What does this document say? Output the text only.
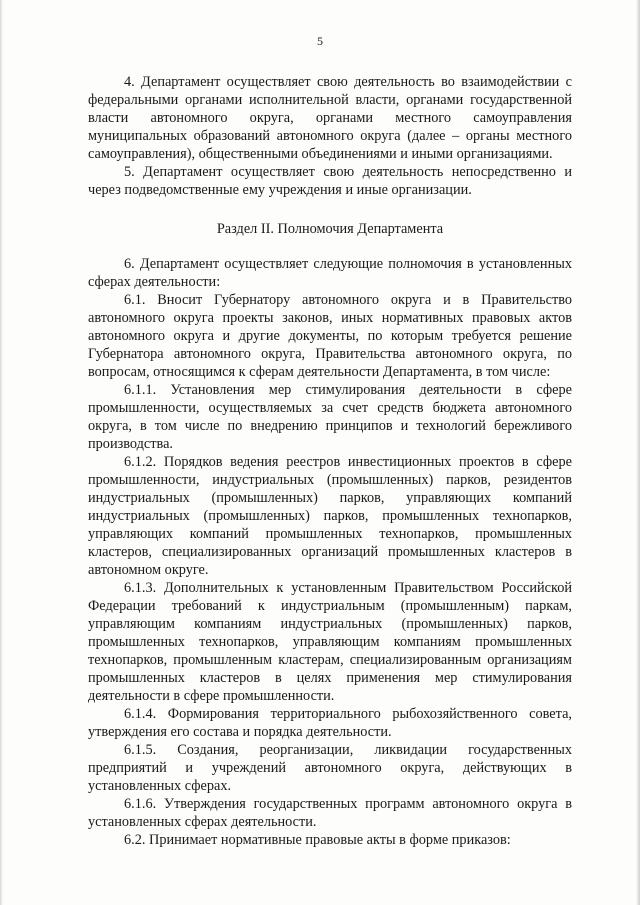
5

4. Департамент осуществляет свою деятельность во взаимодействии с федеральными органами исполнительной власти, органами государственной власти автономного округа, органами местного самоуправления муниципальных образований автономного округа (далее – органы местного самоуправления), общественными объединениями и иными организациями.

5. Департамент осуществляет свою деятельность непосредственно и через подведомственные ему учреждения и иные организации.

Раздел II. Полномочия Департамента

6. Департамент осуществляет следующие полномочия в установленных сферах деятельности:

6.1. Вносит Губернатору автономного округа и в Правительство автономного округа проекты законов, иных нормативных правовых актов автономного округа и другие документы, по которым требуется решение Губернатора автономного округа, Правительства автономного округа, по вопросам, относящимся к сферам деятельности Департамента, в том числе:

6.1.1. Установления мер стимулирования деятельности в сфере промышленности, осуществляемых за счет средств бюджета автономного округа, в том числе по внедрению принципов и технологий бережливого производства.

6.1.2. Порядков ведения реестров инвестиционных проектов в сфере промышленности, индустриальных (промышленных) парков, резидентов индустриальных (промышленных) парков, управляющих компаний индустриальных (промышленных) парков, промышленных технопарков, управляющих компаний промышленных технопарков, промышленных кластеров, специализированных организаций промышленных кластеров в автономном округе.

6.1.3. Дополнительных к установленным Правительством Российской Федерации требований к индустриальным (промышленным) паркам, управляющим компаниям индустриальных (промышленных) парков, промышленных технопарков, управляющим компаниям промышленных технопарков, промышленным кластерам, специализированным организациям промышленных кластеров в целях применения мер стимулирования деятельности в сфере промышленности.

6.1.4. Формирования территориального рыбохозяйственного совета, утверждения его состава и порядка деятельности.

6.1.5. Создания, реорганизации, ликвидации государственных предприятий и учреждений автономного округа, действующих в установленных сферах.

6.1.6. Утверждения государственных программ автономного округа в установленных сферах деятельности.

6.2. Принимает нормативные правовые акты в форме приказов:
